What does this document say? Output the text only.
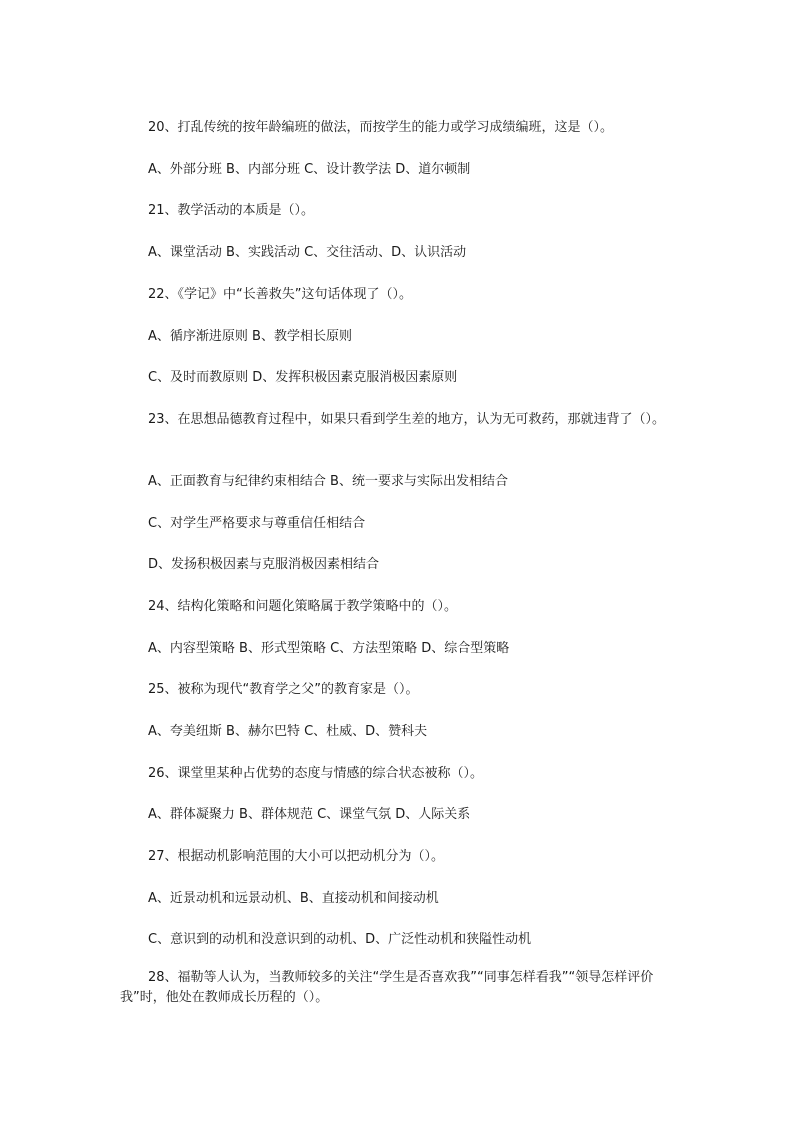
20、打乱传统的按年龄编班的做法，而按学生的能力或学习成绩编班，这是（）。
A、外部分班 B、内部分班 C、设计教学法 D、道尔顿制
21、教学活动的本质是（）。
A、课堂活动 B、实践活动 C、交往活动、D、认识活动
22、《学记》中“长善救失”这句话体现了（）。
A、循序渐进原则 B、教学相长原则
C、及时而教原则 D、发挥积极因素克服消极因素原则
23、在思想品德教育过程中，如果只看到学生差的地方，认为无可救药，那就违背了（）。
A、正面教育与纪律约束相结合 B、统一要求与实际出发相结合
C、对学生严格要求与尊重信任相结合
D、发扬积极因素与克服消极因素相结合
24、结构化策略和问题化策略属于教学策略中的（）。
A、内容型策略 B、形式型策略 C、方法型策略 D、综合型策略
25、被称为现代“教育学之父”的教育家是（）。
A、夸美纽斯 B、赫尔巴特 C、杜威、D、赞科夫
26、课堂里某种占优势的态度与情感的综合状态被称（）。
A、群体凝聚力 B、群体规范 C、课堂气氛 D、人际关系
27、根据动机影响范围的大小可以把动机分为（）。
A、近景动机和远景动机、B、直接动机和间接动机
C、意识到的动机和没意识到的动机、D、广泛性动机和狭隘性动机
28、福勒等人认为，当教师较多的关注“学生是否喜欢我”“同事怎样看我”“领导怎样评价我”时，他处在教师成长历程的（）。
